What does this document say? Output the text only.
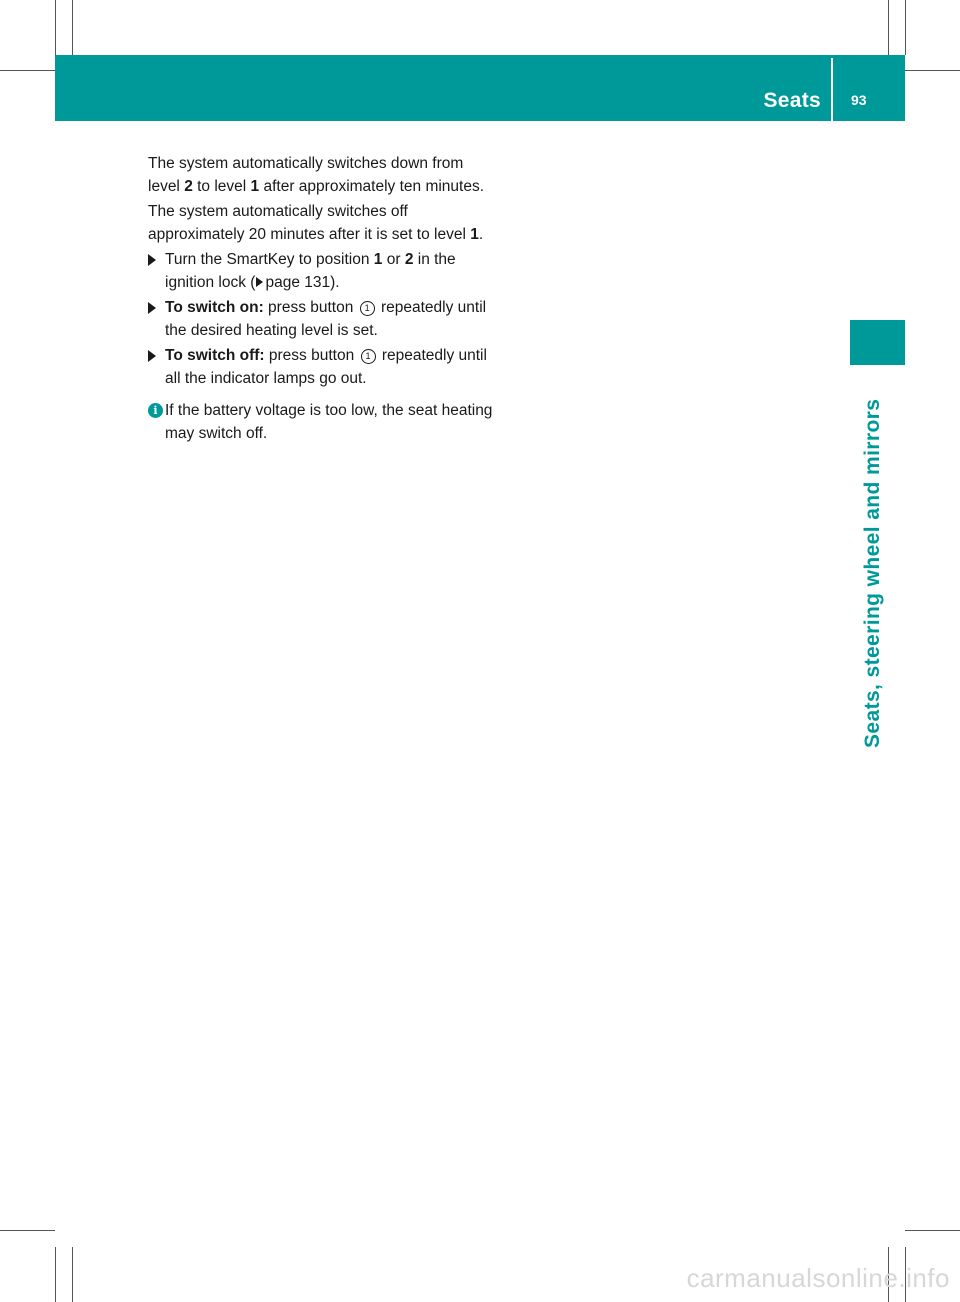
Seats 93
Seats, steering wheel and mirrors

The system automatically switches down from level 2 to level 1 after approximately ten minutes.

The system automatically switches off approximately 20 minutes after it is set to level 1.

Turn the SmartKey to position 1 or 2 in the ignition lock ( page 131).
To switch on: press button 1 repeatedly until the desired heating level is set.
To switch off: press button 1 repeatedly until all the indicator lamps go out.
i If the battery voltage is too low, the seat heating may switch off.
carmanualsonline.info
